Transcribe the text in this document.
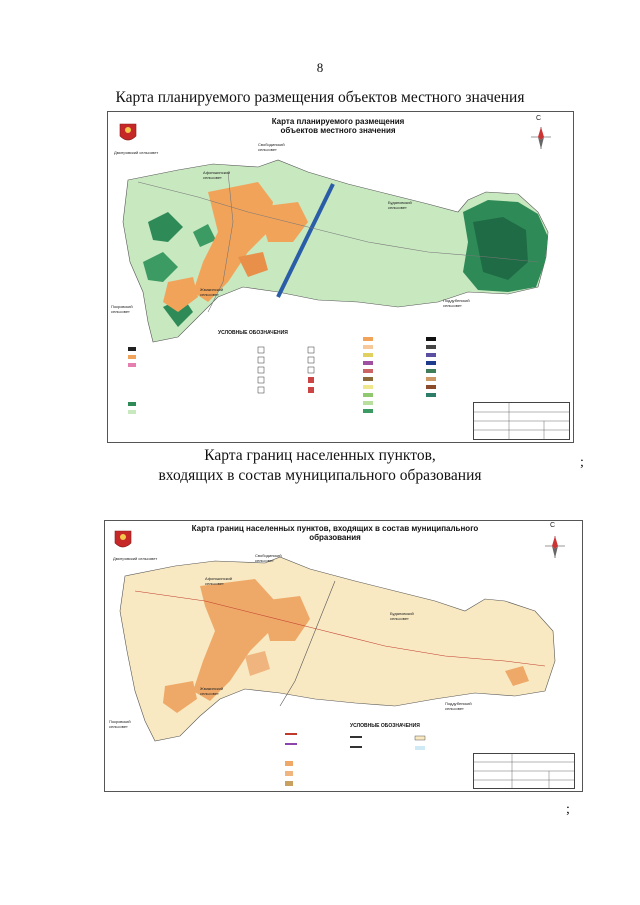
8
Карта планируемого размещения объектов местного значения
Карта планируемого размещения
объектов местного значения
С
УСЛОВНЫЕ ОБОЗНАЧЕНИЯ
Дмитровский сельсовет
Свободинский сельсовет
Афонькинский сельсовет
Будановский сельсовет
Жмакинский сельсовет
Покровский сельсовет
Поддубенский сельсовет
;
Карта границ населенных пунктов,
входящих в состав муниципального образования
Карта границ населенных пунктов, входящих в состав муниципального образования
С
УСЛОВНЫЕ ОБОЗНАЧЕНИЯ
Дмитровский сельсовет
Свободинский сельсовет
Афонькинский сельсовет
Будановский сельсовет
Жмакинский сельсовет
Покровский сельсовет
Поддубенский сельсовет
;
